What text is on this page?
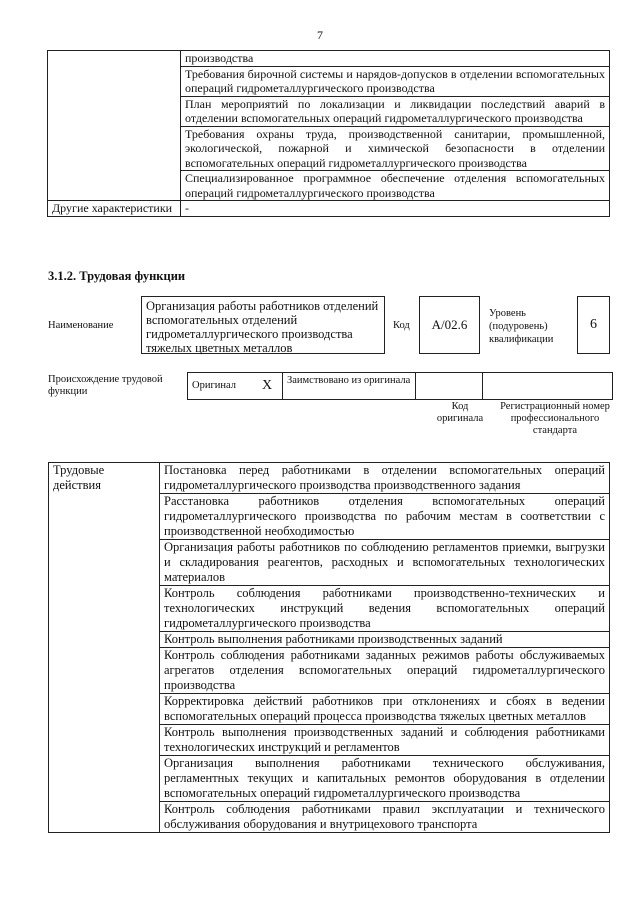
7
	производства
	Требования бирочной системы и нарядов-допусков в отделении вспомогательных операций гидрометаллургического производства
	План мероприятий по локализации и ликвидации последствий аварий в отделении вспомогательных операций гидрометаллургического производства
	Требования охраны труда, производственной санитарии, промышленной, экологической, пожарной и химической безопасности в отделении вспомогательных операций гидрометаллургического производства
	Специализированное программное обеспечение отделения вспомогательных операций гидрометаллургического производства
Другие характеристики	-
3.1.2. Трудовая функции
Наименование
Организация работы работников отделений вспомогательных отделений гидрометаллургического производства тяжелых цветных металлов
Код	А/02.6
Уровень (подуровень) квалификации
6
Происхождение трудовой функции
Оригинал	X	Заимствовано из оригинала		
Код оригинала
Регистрационный номер профессионального стандарта
Трудовые действия	Постановка перед работниками в отделении вспомогательных операций гидрометаллургического производства производственного задания
Расстановка работников отделения вспомогательных операций гидрометаллургического производства по рабочим местам в соответствии с производственной необходимостью
Организация работы работников по соблюдению регламентов приемки, выгрузки и складирования реагентов, расходных и вспомогательных технологических материалов
Контроль соблюдения работниками производственно-технических и технологических инструкций ведения вспомогательных операций гидрометаллургического производства
Контроль выполнения работниками производственных заданий
Контроль соблюдения работниками заданных режимов работы обслуживаемых агрегатов отделения вспомогательных операций гидрометаллургического производства
Корректировка действий работников при отклонениях и сбоях в ведении вспомогательных операций процесса производства тяжелых цветных металлов
Контроль выполнения производственных заданий и соблюдения работниками технологических инструкций и регламентов
Организация выполнения работниками технического обслуживания, регламентных текущих и капитальных ремонтов оборудования в отделении вспомогательных операций гидрометаллургического производства
Контроль соблюдения работниками правил эксплуатации и технического обслуживания оборудования и внутрицехового транспорта
